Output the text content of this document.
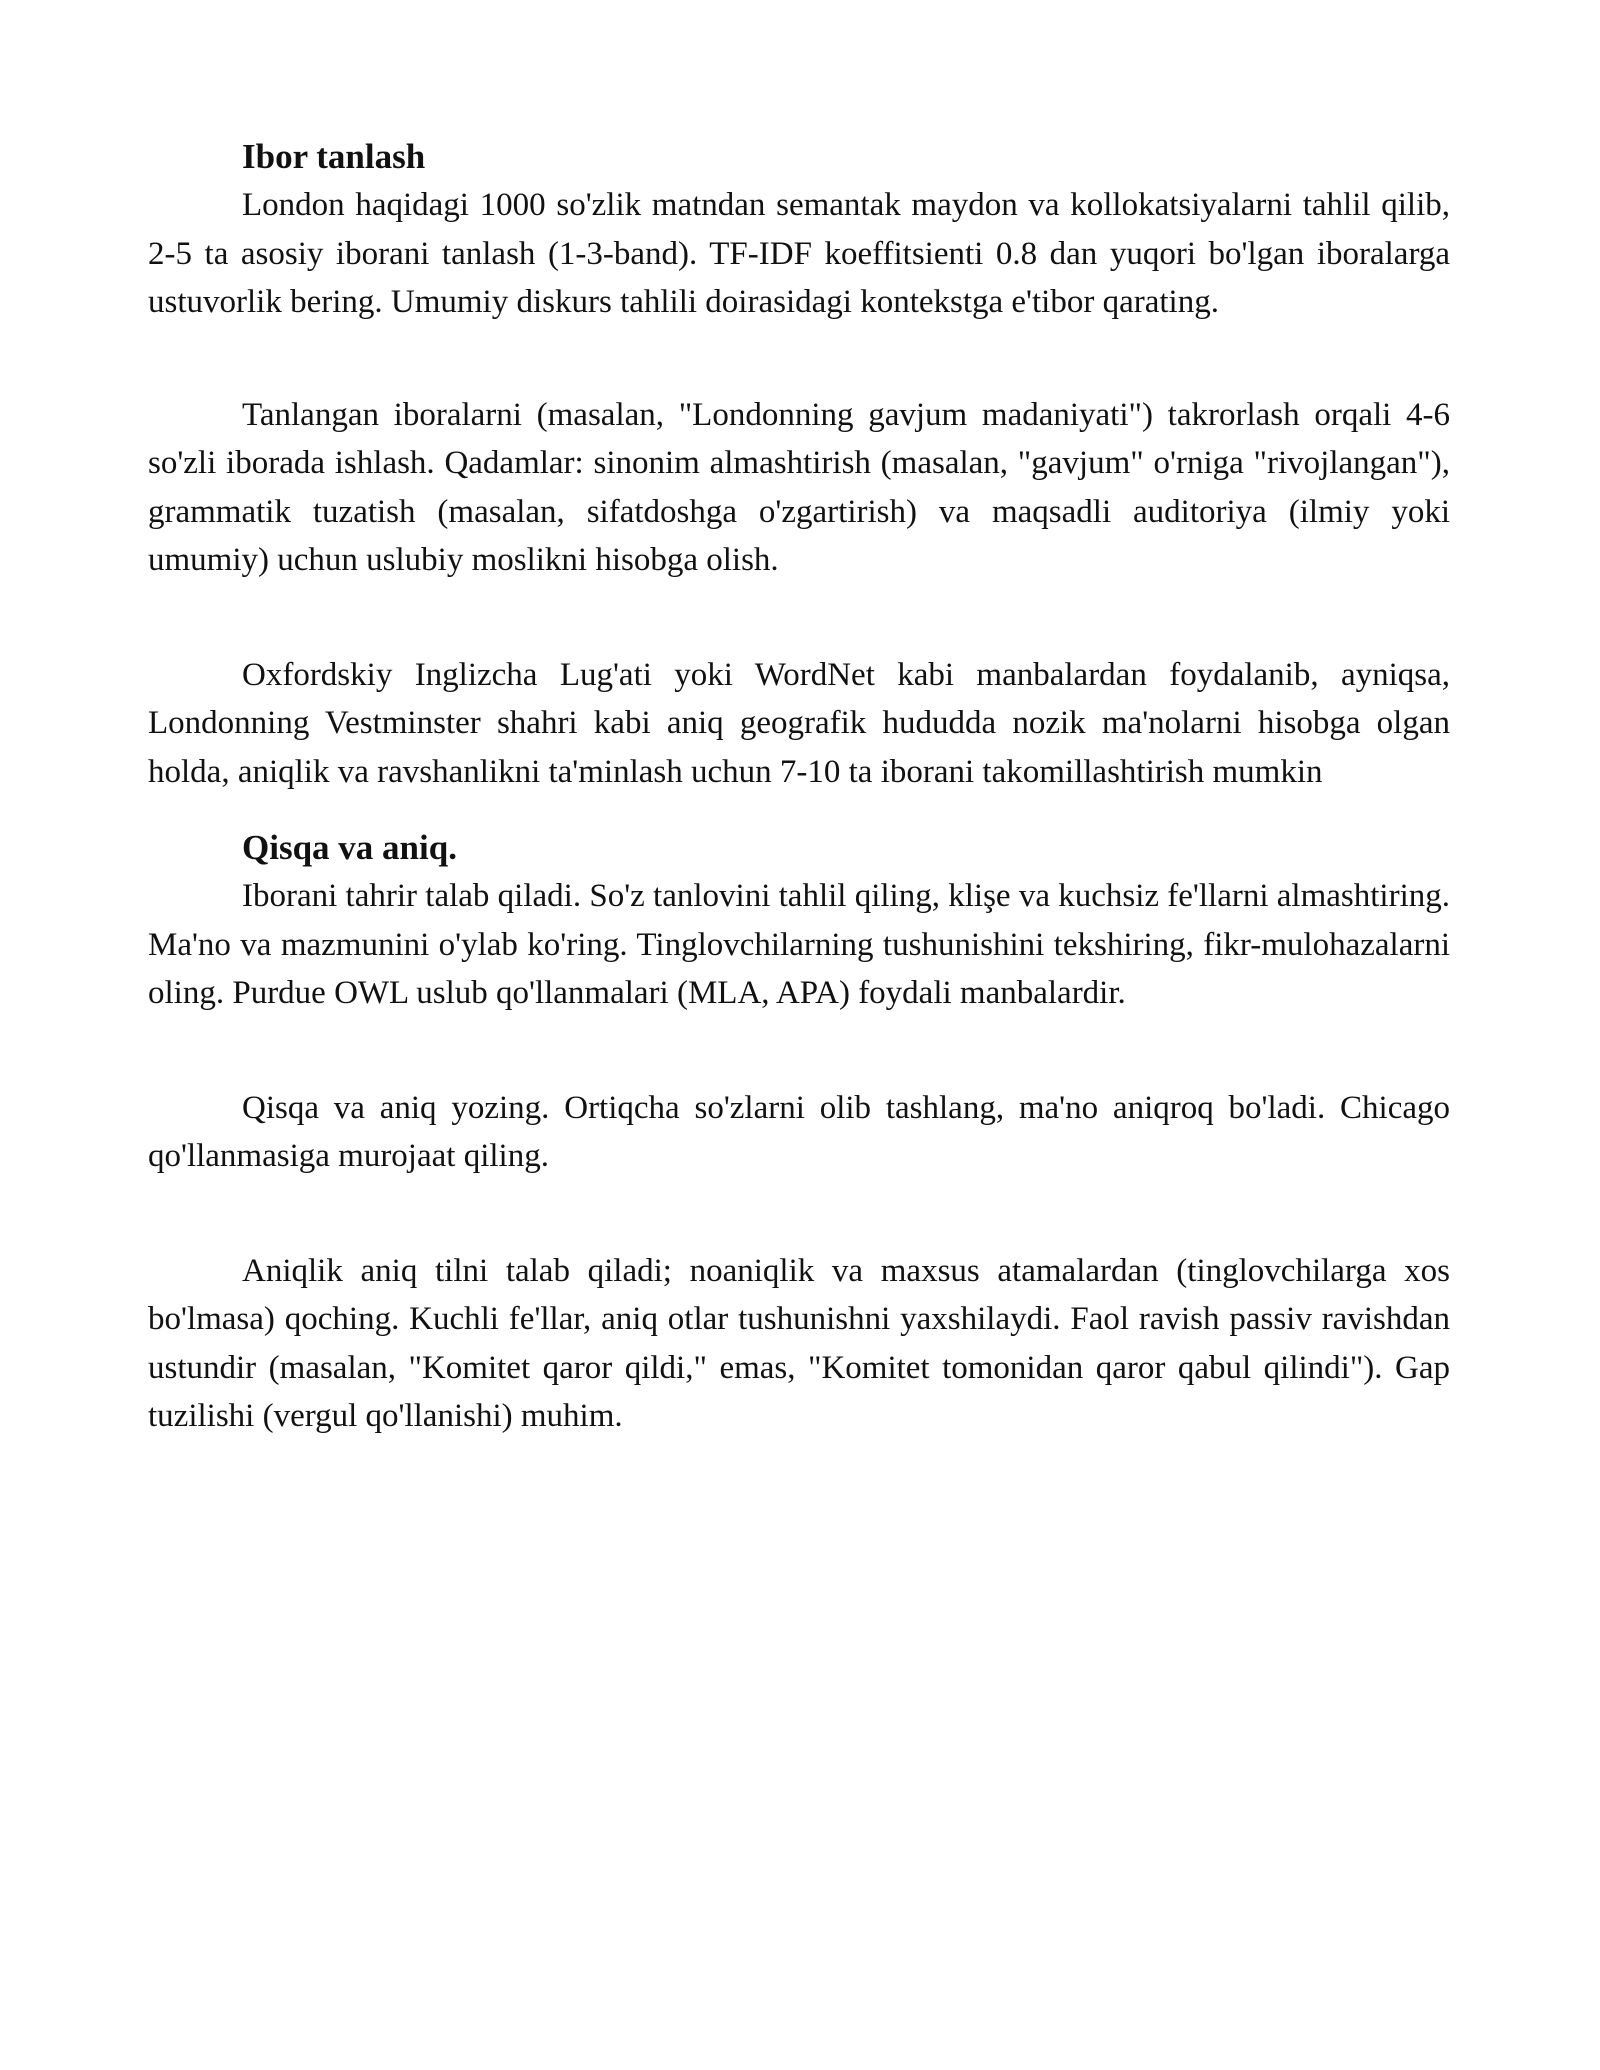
Ibor tanlash

London haqidagi 1000 so'zlik matndan semantak maydon va kollokatsiyalarni tahlil qilib, 2-5 ta asosiy iborani tanlash (1-3-band). TF-IDF koeffitsienti 0.8 dan yuqori bo'lgan iboralarga ustuvorlik bering. Umumiy diskurs tahlili doirasidagi kontekstga e'tibor qarating.

Tanlangan iboralarni (masalan, "Londonning gavjum madaniyati") takrorlash orqali 4-6 so'zli iborada ishlash. Qadamlar: sinonim almashtirish (masalan, "gavjum" o'rniga "rivojlangan"), grammatik tuzatish (masalan, sifatdoshga o'zgartirish) va maqsadli auditoriya (ilmiy yoki umumiy) uchun uslubiy moslikni hisobga olish.

Oxfordskiy Inglizcha Lug'ati yoki WordNet kabi manbalardan foydalanib, ayniqsa, Londonning Vestminster shahri kabi aniq geografik hududda nozik ma'nolarni hisobga olgan holda, aniqlik va ravshanlikni ta'minlash uchun 7-10 ta iborani takomillashtirish mumkin

Qisqa va aniq.

Iborani tahrir talab qiladi. So'z tanlovini tahlil qiling, klişe va kuchsiz fe'llarni almashtiring. Ma'no va mazmunini o'ylab ko'ring. Tinglovchilarning tushunishini tekshiring, fikr-mulohazalarni oling. Purdue OWL uslub qo'llanmalari (MLA, APA) foydali manbalardir.

Qisqa va aniq yozing. Ortiqcha so'zlarni olib tashlang, ma'no aniqroq bo'ladi. Chicago qo'llanmasiga murojaat qiling.

Aniqlik aniq tilni talab qiladi; noaniqlik va maxsus atamalardan (tinglovchilarga xos bo'lmasa) qoching. Kuchli fe'llar, aniq otlar tushunishni yaxshilaydi. Faol ravish passiv ravishdan ustundir (masalan, "Komitet qaror qildi," emas, "Komitet tomonidan qaror qabul qilindi"). Gap tuzilishi (vergul qo'llanishi) muhim.
